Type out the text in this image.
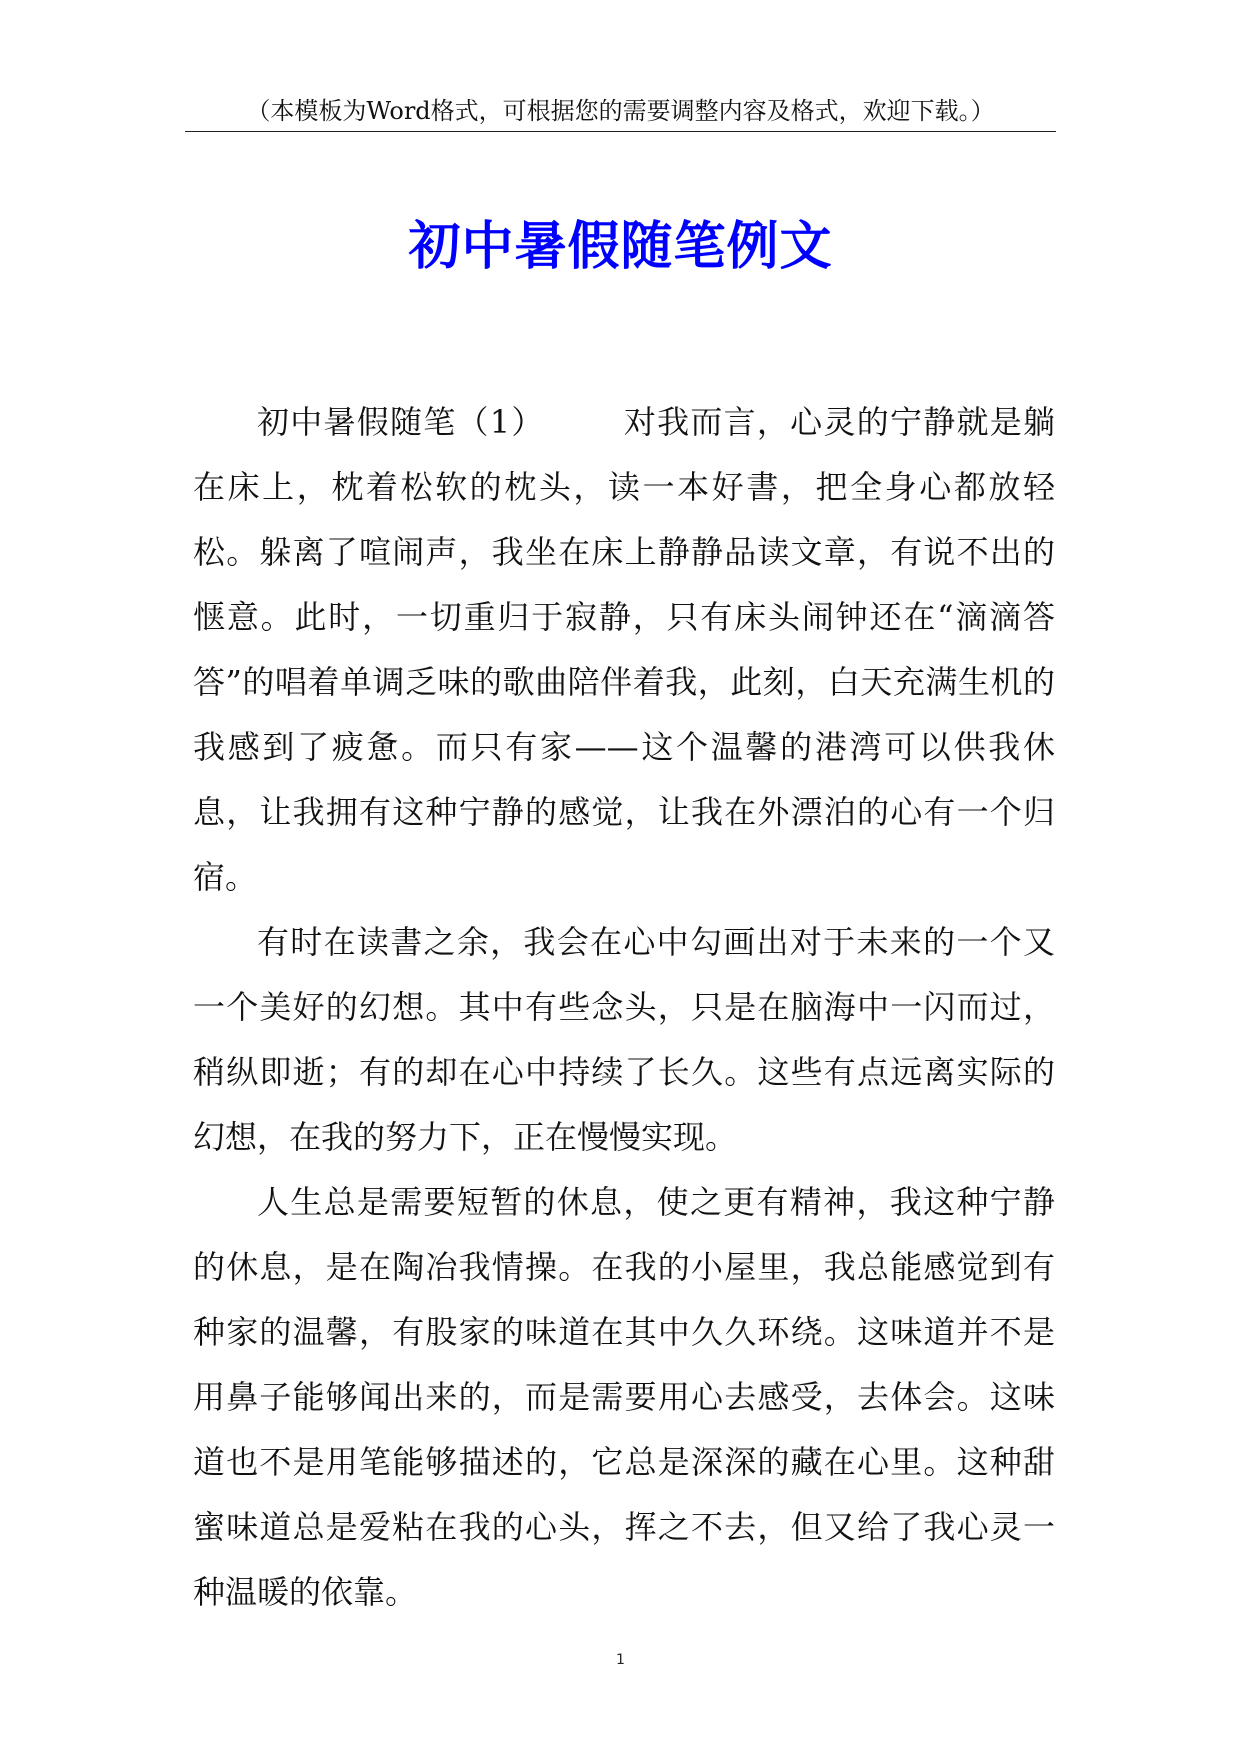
（本模板为Word格式，可根据您的需要调整内容及格式，欢迎下载。）
初中暑假随笔例文

初中暑假随笔（1） 对我而言，心灵的宁静就是躺在床上，枕着松软的枕头，读一本好書，把全身心都放轻松。躲离了喧闹声，我坐在床上静静品读文章，有说不出的惬意。此时，一切重归于寂静，只有床头闹钟还在“滴滴答答”的唱着单调乏味的歌曲陪伴着我，此刻，白天充满生机的我感到了疲惫。而只有家——这个温馨的港湾可以供我休息，让我拥有这种宁静的感觉，让我在外漂泊的心有一个归宿。

有时在读書之余，我会在心中勾画出对于未来的一个又一个美好的幻想。其中有些念头，只是在脑海中一闪而过，稍纵即逝；有的却在心中持续了长久。这些有点远离实际的幻想，在我的努力下，正在慢慢实现。

人生总是需要短暂的休息，使之更有精神，我这种宁静的休息，是在陶冶我情操。在我的小屋里，我总能感觉到有种家的温馨，有股家的味道在其中久久环绕。这味道并不是用鼻子能够闻出来的，而是需要用心去感受，去体会。这味道也不是用笔能够描述的，它总是深深的藏在心里。这种甜蜜味道总是爱粘在我的心头，挥之不去，但又给了我心灵一种温暖的依靠。

1
